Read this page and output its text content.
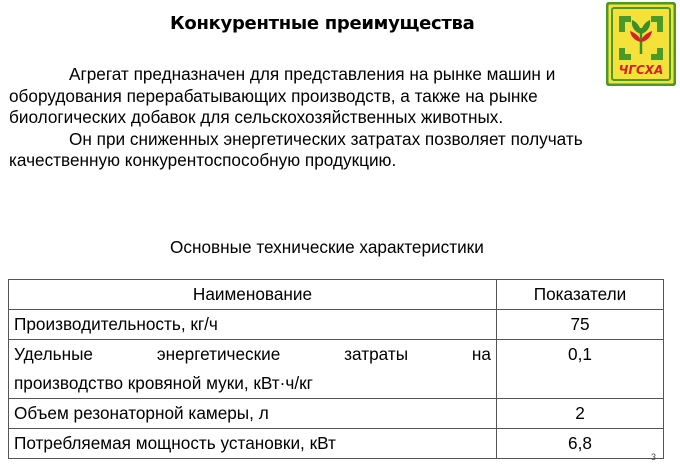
Конкурентные преимущества
ЧГСХА

Агрегат предназначен для представления на рынке машин и оборудования перерабатывающих производств, а также на рынке биологических добавок для сельскохозяйственных животных.

Он при сниженных энергетических затратах позволяет получать качественную конкурентоспособную продукцию.

Основные технические характеристики
Наименование	Показатели
Производительность, кг/ч	75

Удельные энергетические затраты на
производство кровяной муки, кВт·ч/кг	0,1
Объем резонаторной камеры, л	2
Потребляемая мощность установки, кВт	6,8
3
